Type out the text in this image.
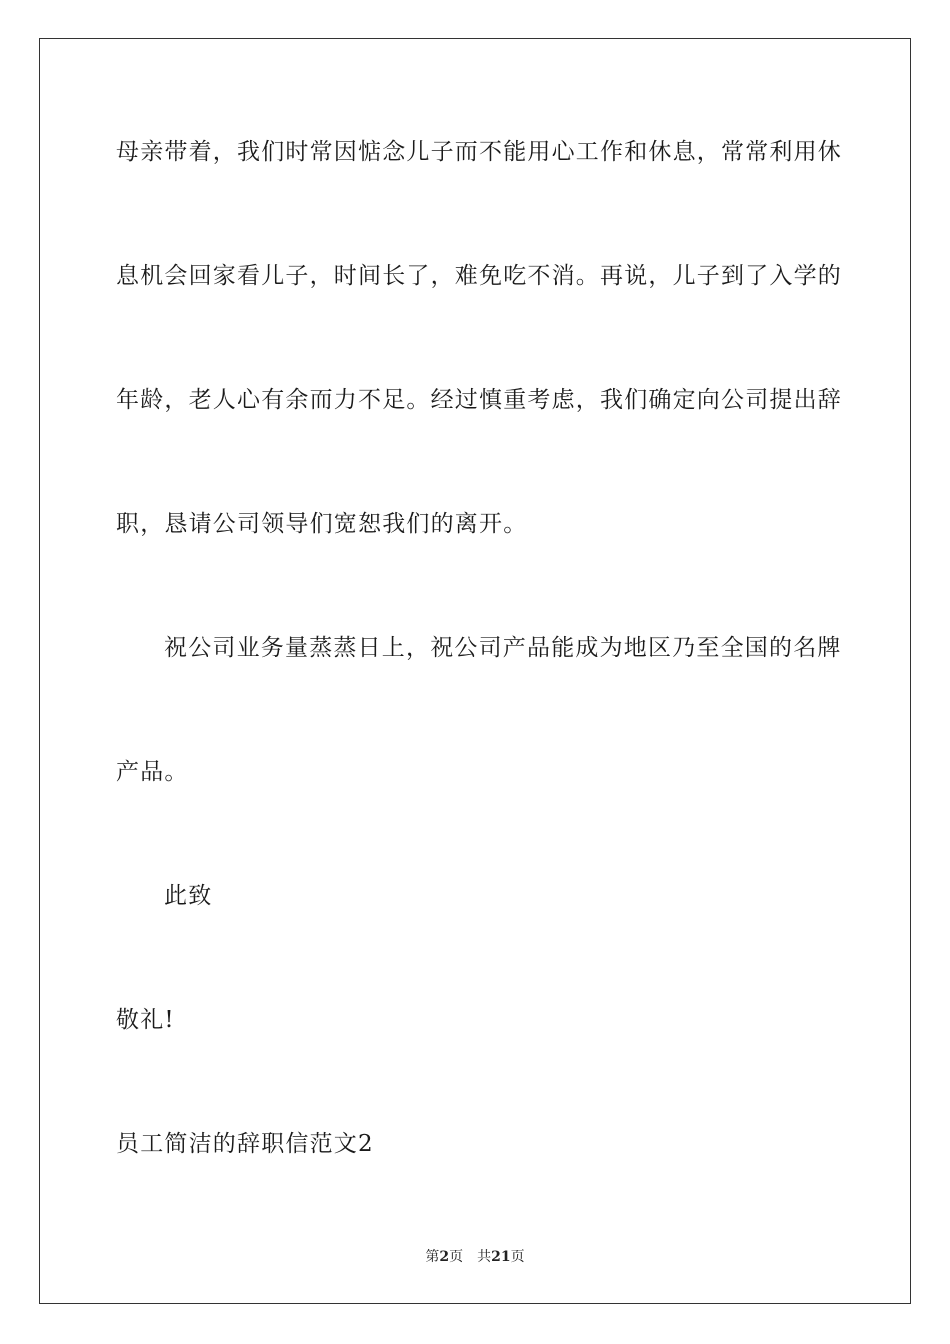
母亲带着，我们时常因惦念儿子而不能用心工作和休息，常常利用休
息机会回家看儿子，时间长了，难免吃不消。再说，儿子到了入学的
年龄，老人心有余而力不足。经过慎重考虑，我们确定向公司提出辞
职，恳请公司领导们宽恕我们的离开。
祝公司业务量蒸蒸日上，祝公司产品能成为地区乃至全国的名牌
产品。
此致
敬礼!
员工简洁的辞职信范文2
第2页 共21页
